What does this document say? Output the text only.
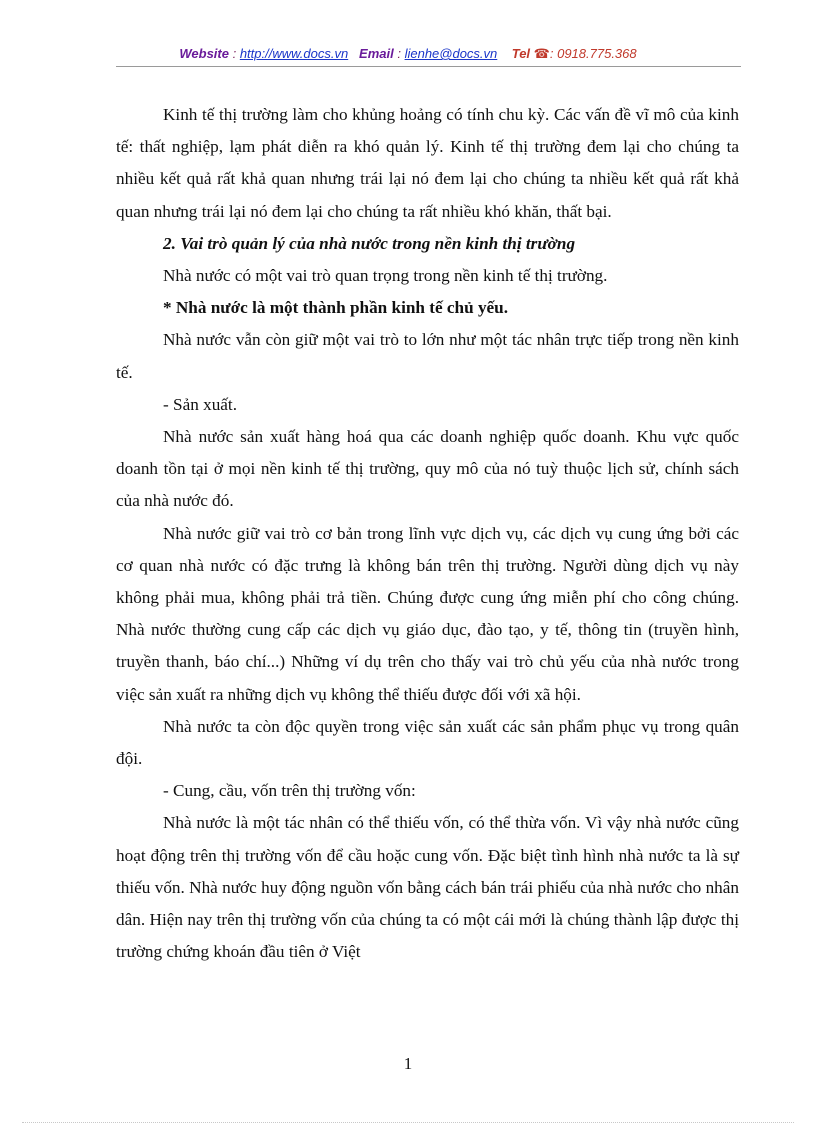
Website : http://www.docs.vn Email : lienhe@docs.vn Tel ☎: 0918.775.368

Kinh tế thị trường làm cho khủng hoảng có tính chu kỳ. Các vấn đề vĩ mô của kinh tế: thất nghiệp, lạm phát diễn ra khó quản lý. Kinh tế thị trường đem lại cho chúng ta nhiều kết quả rất khả quan nhưng trái lại nó đem lại cho chúng ta nhiều kết quả rất khả quan nhưng trái lại nó đem lại cho chúng ta rất nhiều khó khăn, thất bại.

2. Vai trò quản lý của nhà nước trong nền kinh thị trường

Nhà nước có một vai trò quan trọng trong nền kinh tế thị trường.

* Nhà nước là một thành phần kinh tế chủ yếu.

Nhà nước vẫn còn giữ một vai trò to lớn như một tác nhân trực tiếp trong nền kinh tế.

- Sản xuất.

Nhà nước sản xuất hàng hoá qua các doanh nghiệp quốc doanh. Khu vực quốc doanh tồn tại ở mọi nền kinh tế thị trường, quy mô của nó tuỳ thuộc lịch sử, chính sách của nhà nước đó.

Nhà nước giữ vai trò cơ bản trong lĩnh vực dịch vụ, các dịch vụ cung ứng bởi các cơ quan nhà nước có đặc trưng là không bán trên thị trường. Người dùng dịch vụ này không phải mua, không phải trả tiền. Chúng được cung ứng miễn phí cho công chúng. Nhà nước thường cung cấp các dịch vụ giáo dục, đào tạo, y tế, thông tin (truyền hình, truyền thanh, báo chí...) Những ví dụ trên cho thấy vai trò chủ yếu của nhà nước trong việc sản xuất ra những dịch vụ không thể thiếu được đối với xã hội.

Nhà nước ta còn độc quyền trong việc sản xuất các sản phẩm phục vụ trong quân đội.

- Cung, cầu, vốn trên thị trường vốn:

Nhà nước là một tác nhân có thể thiếu vốn, có thể thừa vốn. Vì vậy nhà nước cũng hoạt động trên thị trường vốn để cầu hoặc cung vốn. Đặc biệt tình hình nhà nước ta là sự thiếu vốn. Nhà nước huy động nguồn vốn bằng cách bán trái phiếu của nhà nước cho nhân dân. Hiện nay trên thị trường vốn của chúng ta có một cái mới là chúng thành lập được thị trường chứng khoán đầu tiên ở Việt

1
